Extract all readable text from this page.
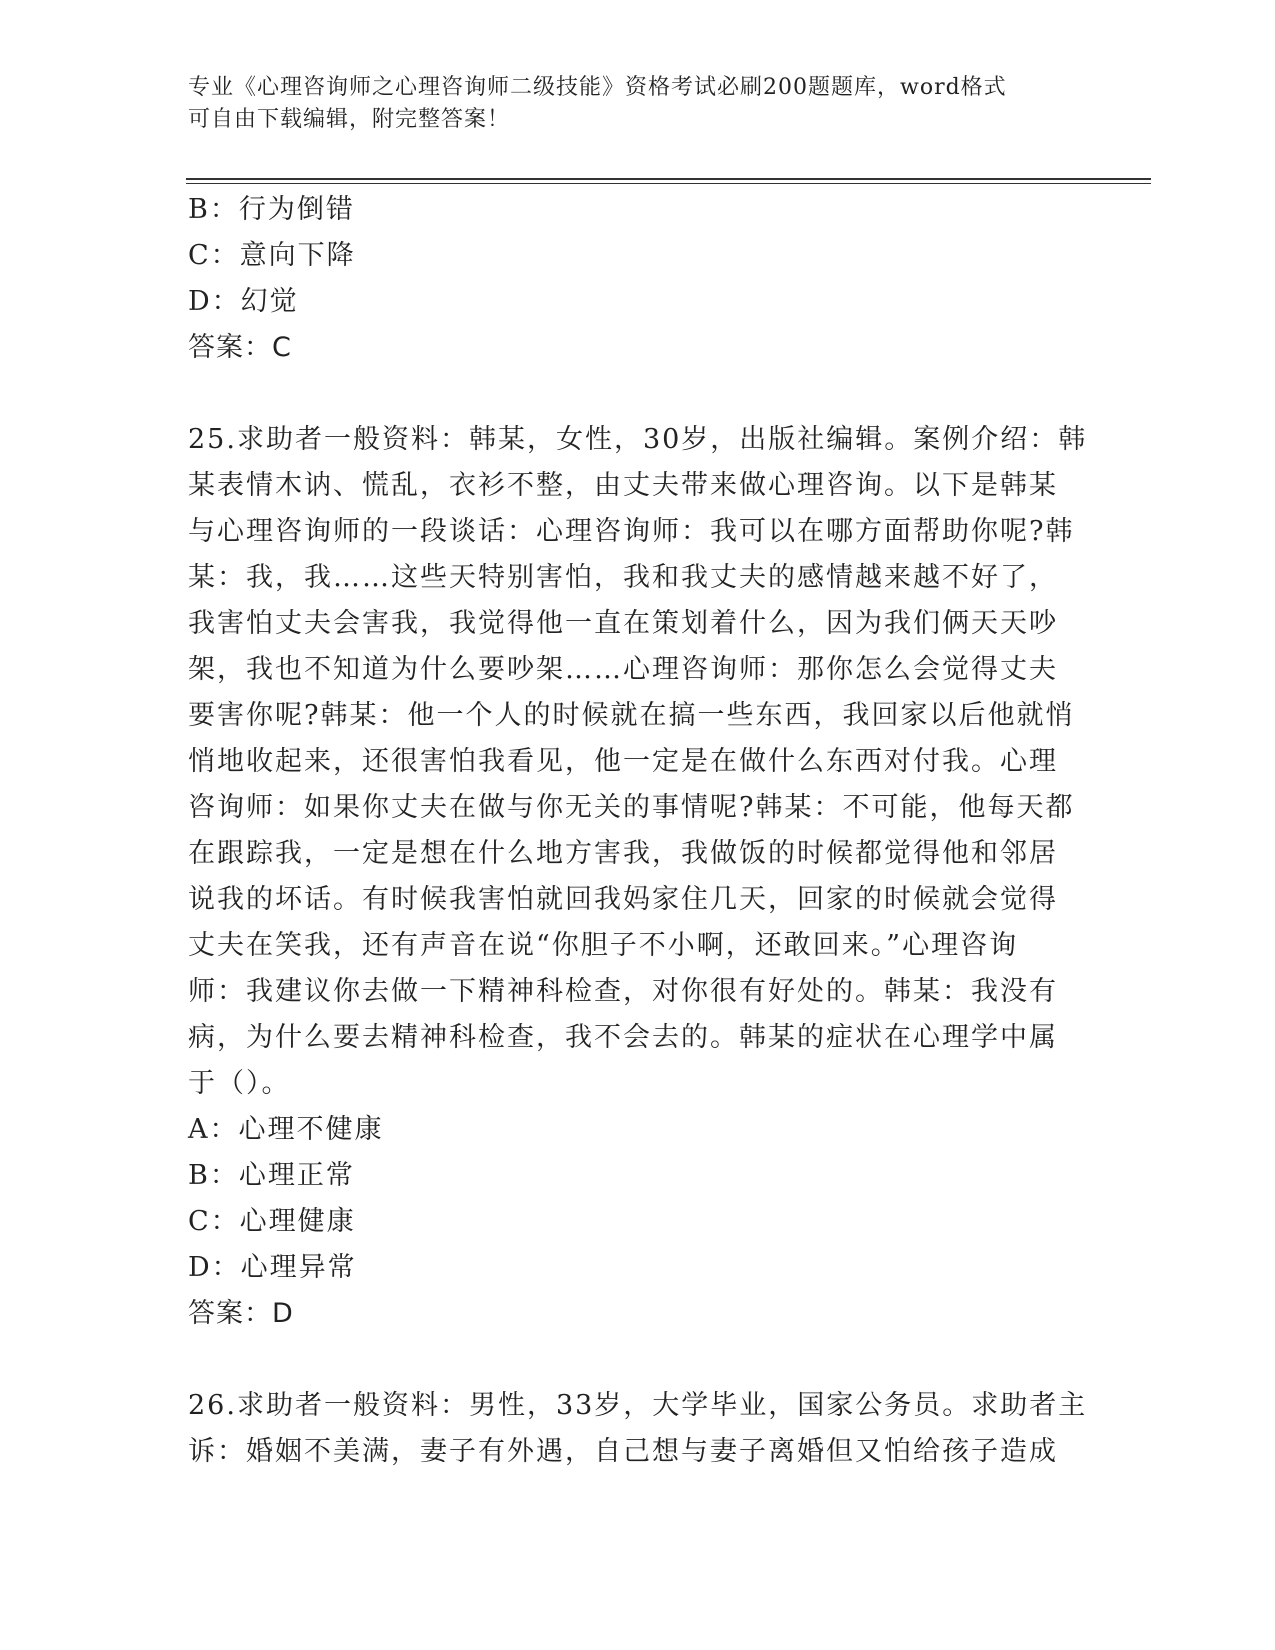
专业《心理咨询师之心理咨询师二级技能》资格考试必刷200题题库，word格式
可自由下载编辑，附完整答案！
B：行为倒错
C：意向下降
D：幻觉
答案：C
25.求助者一般资料：韩某，女性，30岁，出版社编辑。案例介绍：韩
某表情木讷、慌乱，衣衫不整，由丈夫带来做心理咨询。以下是韩某
与心理咨询师的一段谈话：心理咨询师：我可以在哪方面帮助你呢?韩
某：我，我……这些天特别害怕，我和我丈夫的感情越来越不好了，
我害怕丈夫会害我，我觉得他一直在策划着什么，因为我们俩天天吵
架，我也不知道为什么要吵架……心理咨询师：那你怎么会觉得丈夫
要害你呢?韩某：他一个人的时候就在搞一些东西，我回家以后他就悄
悄地收起来，还很害怕我看见，他一定是在做什么东西对付我。心理
咨询师：如果你丈夫在做与你无关的事情呢?韩某：不可能，他每天都
在跟踪我，一定是想在什么地方害我，我做饭的时候都觉得他和邻居
说我的坏话。有时候我害怕就回我妈家住几天，回家的时候就会觉得
丈夫在笑我，还有声音在说“你胆子不小啊，还敢回来。”心理咨询
师：我建议你去做一下精神科检查，对你很有好处的。韩某：我没有
病，为什么要去精神科检查，我不会去的。韩某的症状在心理学中属
于（）。
A：心理不健康
B：心理正常
C：心理健康
D：心理异常
答案：D
26.求助者一般资料：男性，33岁，大学毕业，国家公务员。求助者主
诉：婚姻不美满，妻子有外遇，自己想与妻子离婚但又怕给孩子造成
